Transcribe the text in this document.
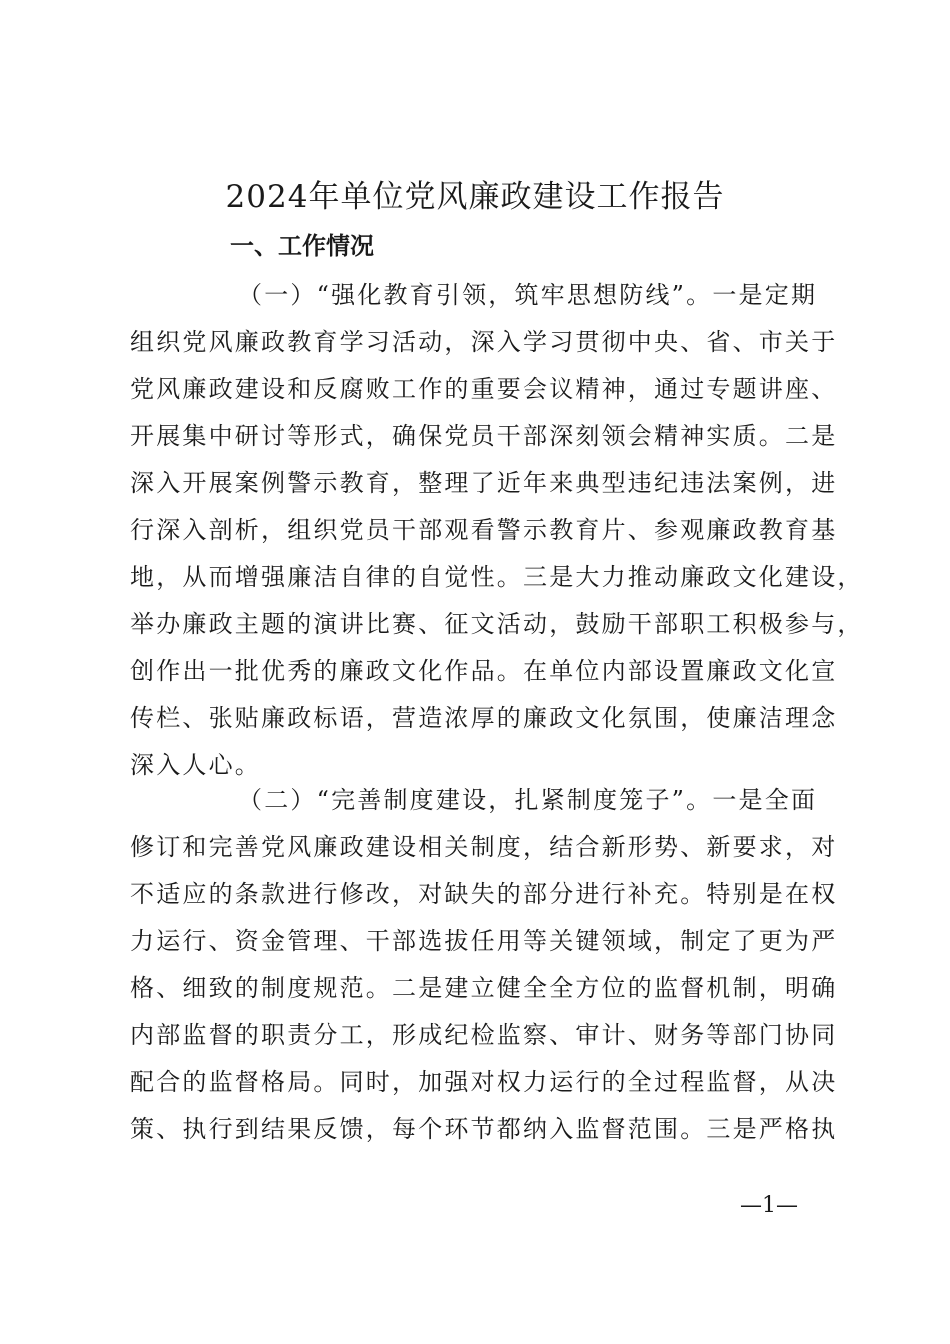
2024年单位党风廉政建设工作报告
一、工作情况

（一）“强化教育引领，筑牢思想防线”。一是定期
组织党风廉政教育学习活动，深入学习贯彻中央、省、市关于
党风廉政建设和反腐败工作的重要会议精神，通过专题讲座、
开展集中研讨等形式，确保党员干部深刻领会精神实质。二是
深入开展案例警示教育，整理了近年来典型违纪违法案例，进
行深入剖析，组织党员干部观看警示教育片、参观廉政教育基
地，从而增强廉洁自律的自觉性。三是大力推动廉政文化建设，
举办廉政主题的演讲比赛、征文活动，鼓励干部职工积极参与，
创作出一批优秀的廉政文化作品。在单位内部设置廉政文化宣
传栏、张贴廉政标语，营造浓厚的廉政文化氛围，使廉洁理念
深入人心。

（二）“完善制度建设，扎紧制度笼子”。一是全面
修订和完善党风廉政建设相关制度，结合新形势、新要求，对
不适应的条款进行修改，对缺失的部分进行补充。特别是在权
力运行、资金管理、干部选拔任用等关键领域，制定了更为严
格、细致的制度规范。二是建立健全全方位的监督机制，明确
内部监督的职责分工，形成纪检监察、审计、财务等部门协同
配合的监督格局。同时，加强对权力运行的全过程监督，从决
策、执行到结果反馈，每个环节都纳入监督范围。三是严格执

—1—
